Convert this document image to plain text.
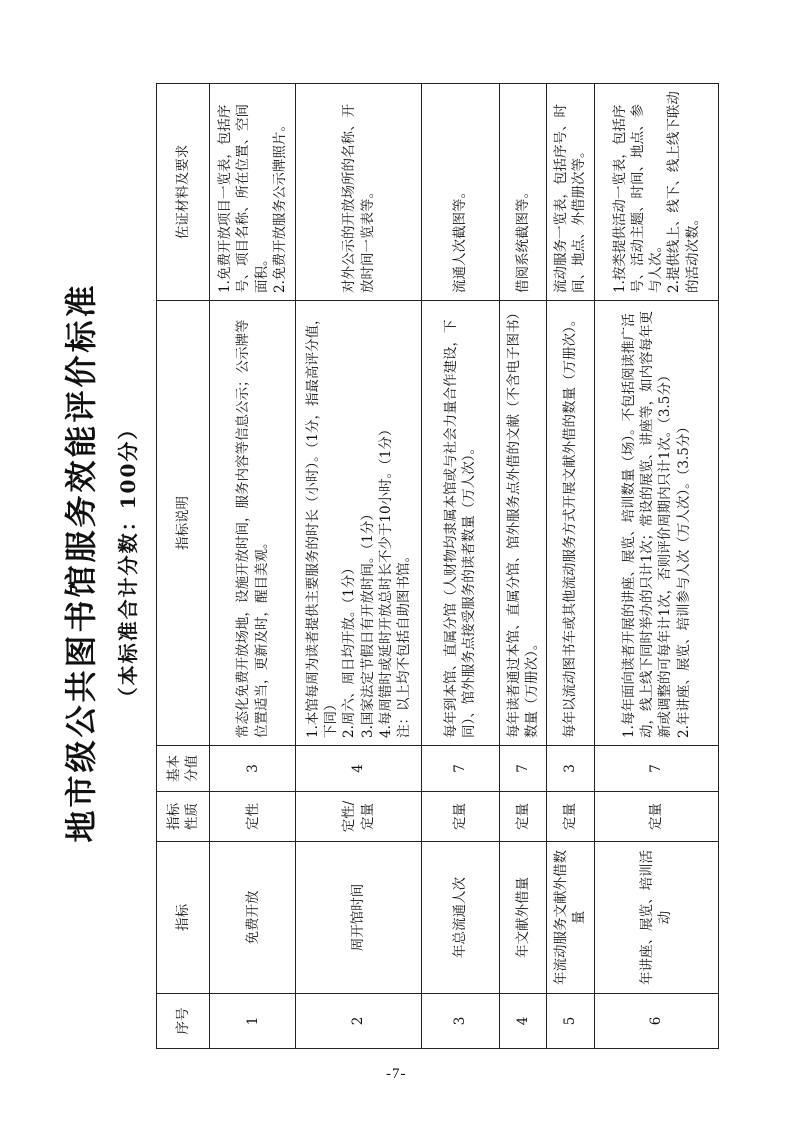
地市级公共图书馆服务效能评价标准 （本标准合计分数：100分）
序号	指标	指标性质	基本分值	指标说明	佐证材料及要求
1	免费开放	定性	3	常态化免费开放场地，设施开放时间，服务内容等信息公示；公示牌等位置适当，更新及时，醒目美观。	1.免费开放项目一览表，包括序号、项目名称、所在位置、空间面积。 2.免费开放服务公示牌照片。

2	周开馆时间	定性/定量	4	1.本馆每周为读者提供主要服务的时长（小时）。（1分，指最高评分值，下同） 2.周六、周日均开放。（1分） 3.国家法定节假日有开放时间。（1分） 4.每周错时或延时开放总时长不少于10小时。（1分） 注：以上均不包括自助图书馆。	对外公示的开放场所的名称、开放时间一览表等。

3	年总流通人次	定量	7	每年到本馆、直属分馆（人财物均隶属本馆或与社会力量合作建设，下同）、馆外服务点接受服务的读者数量（万人次）。	流通人次截图等。

4	年文献外借量	定量	7	每年读者通过本馆、直属分馆、馆外服务点外借的文献（不含电子图书）数量（万册次）。	借阅系统截图等。

5	年流动服务文献外借数量	定量	3	每年以流动图书车或其他流动服务方式开展文献外借的数量（万册次）。	流动服务一览表，包括序号、时间、地点、外借册次等。

6	年讲座、展览、培训活动	定量	7	1.每年面向读者开展的讲座、展览、培训数量（场）。不包括阅读推广活动，线上线下同时举办的只计1次；常设的展览、讲座等，如内容每年更新或调整的可每年计1次，否则评价周期内只计1次。（3.5分） 2.年讲座、展览、培训参与人次（万人次）。（3.5分）	1.按类提供活动一览表，包括序号、活动主题、时间、地点、参与人次。 2.提供线上、线下、线上线下联动的活动次数。
-7-
